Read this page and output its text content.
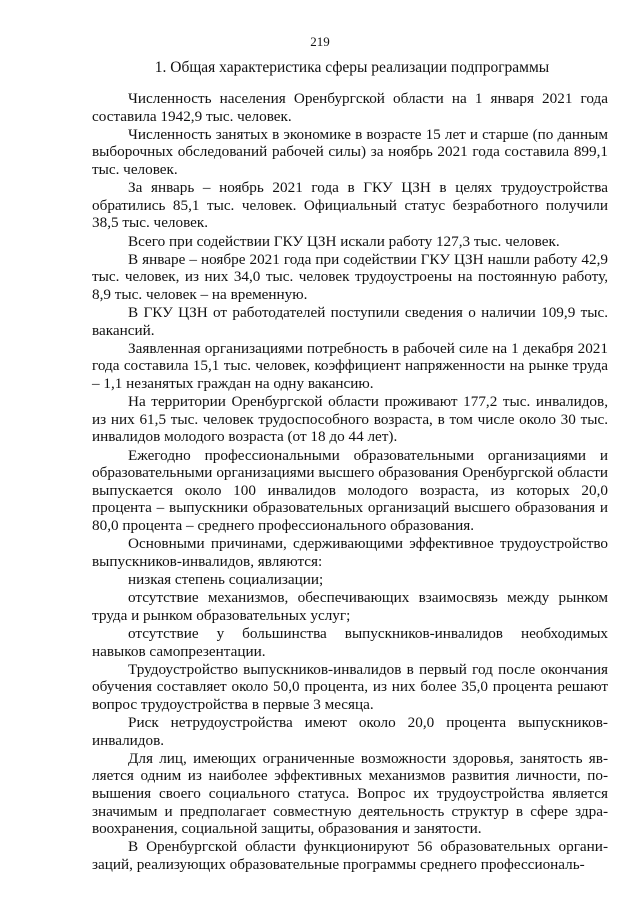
219
1. Общая характеристика сферы реализации подпрограммы

Численность населения Оренбургской области на 1 января 2021 года составила 1942,9 тыс. человек.

Численность занятых в экономике в возрасте 15 лет и старше (по данным выборочных обследований рабочей силы) за ноябрь 2021 года составила 899,1 тыс. человек.

За январь – ноябрь 2021 года в ГКУ ЦЗН в целях трудоустройства обратились 85,1 тыс. человек. Официальный статус безработного получили 38,5 тыс. человек.

Всего при содействии ГКУ ЦЗН искали работу 127,3 тыс. человек.

В январе – ноябре 2021 года при содействии ГКУ ЦЗН нашли работу 42,9 тыс. человек, из них 34,0 тыс. человек трудоустроены на постоянную работу, 8,9 тыс. человек – на временную.

В ГКУ ЦЗН от работодателей поступили сведения о наличии 109,9 тыс. вакансий.

Заявленная организациями потребность в рабочей силе на 1 декабря 2021 года составила 15,1 тыс. человек, коэффициент напряженности на рынке труда – 1,1 незанятых граждан на одну вакансию.

На территории Оренбургской области проживают 177,2 тыс. инвалидов, из них 61,5 тыс. человек трудоспособного возраста, в том числе около 30 тыс. инвалидов молодого возраста (от 18 до 44 лет).

Ежегодно профессиональными образовательными организациями и образовательными организациями высшего образования Оренбургской области выпускается около 100 инвалидов молодого возраста, из которых 20,0 процента – выпускники образовательных организаций высшего образования и 80,0 процента – среднего профессионального образования.

Основными причинами, сдерживающими эффективное трудоустройство выпускников-инвалидов, являются:

низкая степень социализации;

отсутствие механизмов, обеспечивающих взаимосвязь между рынком труда и рынком образовательных услуг;

отсутствие у большинства выпускников-инвалидов необходимых навыков самопрезентации.

Трудоустройство выпускников-инвалидов в первый год после окончания обучения составляет около 50,0 процента, из них более 35,0 процента решают вопрос трудоустройства в первые 3 месяца.

Риск нетрудоустройства имеют около 20,0 процента выпускников-инвалидов.

Для лиц, имеющих ограниченные возможности здоровья, занятость является одним из наиболее эффективных механизмов развития личности, повышения своего социального статуса. Вопрос их трудоустройства является значимым и предполагает совместную деятельность структур в сфере здравоохранения, социальной защиты, образования и занятости.

В Оренбургской области функционируют 56 образовательных организаций, реализующих образовательные программы среднего профессиональ-
